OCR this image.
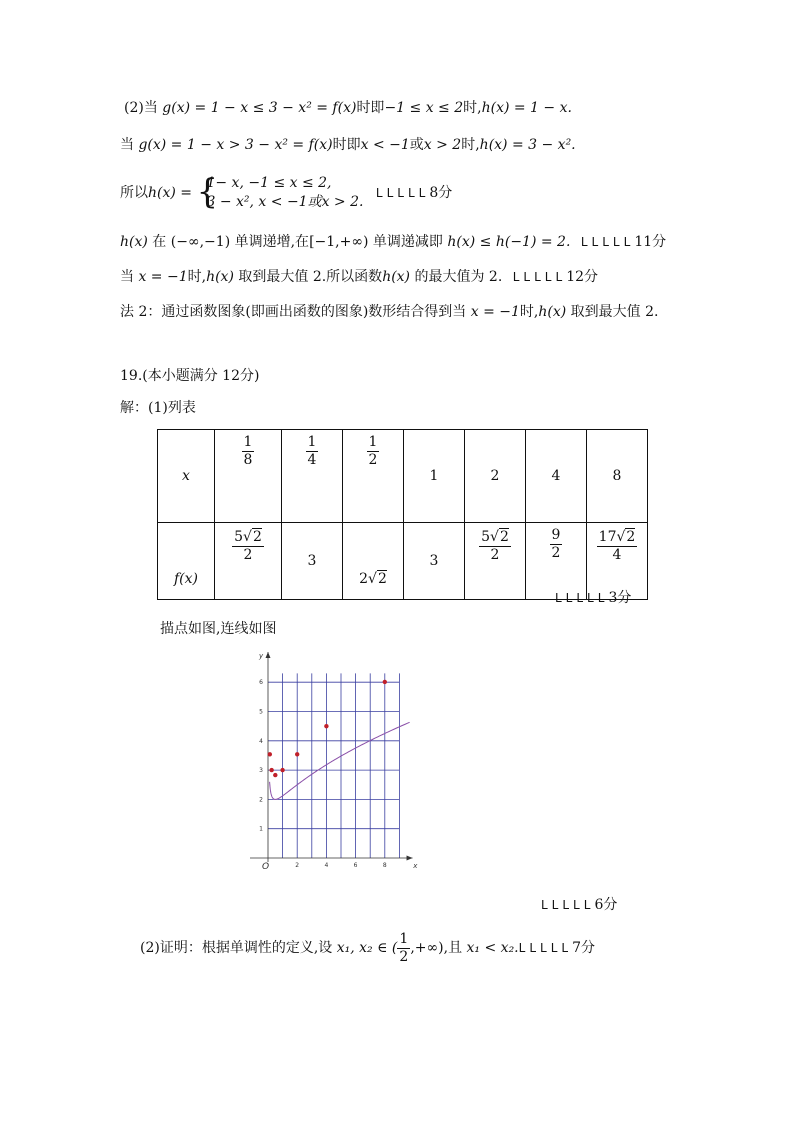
(2)当 g(x) = 1 − x ≤ 3 − x² = f(x)时即−1 ≤ x ≤ 2时,h(x) = 1 − x.
当 g(x) = 1 − x > 3 − x² = f(x)时即x < −1或x > 2时,h(x) = 3 − x².
所以h(x) = {
1− x, −1 ≤ x ≤ 2,
3 − x², x < −1或x > 2.
LLLLL8分
h(x) 在 (−∞,−1) 单调递增,在[−1,+∞) 单调递减即 h(x) ≤ h(−1) = 2. LLLLL11分
当 x = −1时,h(x) 取到最大值 2.所以函数h(x) 的最大值为 2. LLLLL12分
法 2：通过函数图象(即画出函数的图象)数形结合得到当 x = −1时,h(x) 取到最大值 2.
19.(本小题满分 12分)
解：(1)列表
x	$\frac{1}{8}$	$\frac{1}{4}$	$\frac{1}{2}$	1	2	4	8
f(x)	$\frac{5√2}{2}$	3	2√2	3	$\frac{5√2}{2}$	$\frac{9}{2}$	$\frac{17√2}{4}$
LLLLL3分
描点如图,连线如图
y
x
O	2	4	6	8
1
2
3
4
5
6
LLLLL6分
(2)证明：根据单调性的定义,设 x₁, x₂ ∈ ( $\frac{1}{2}$ ,+∞),且 x₁ < x₂.LLLLL7分
